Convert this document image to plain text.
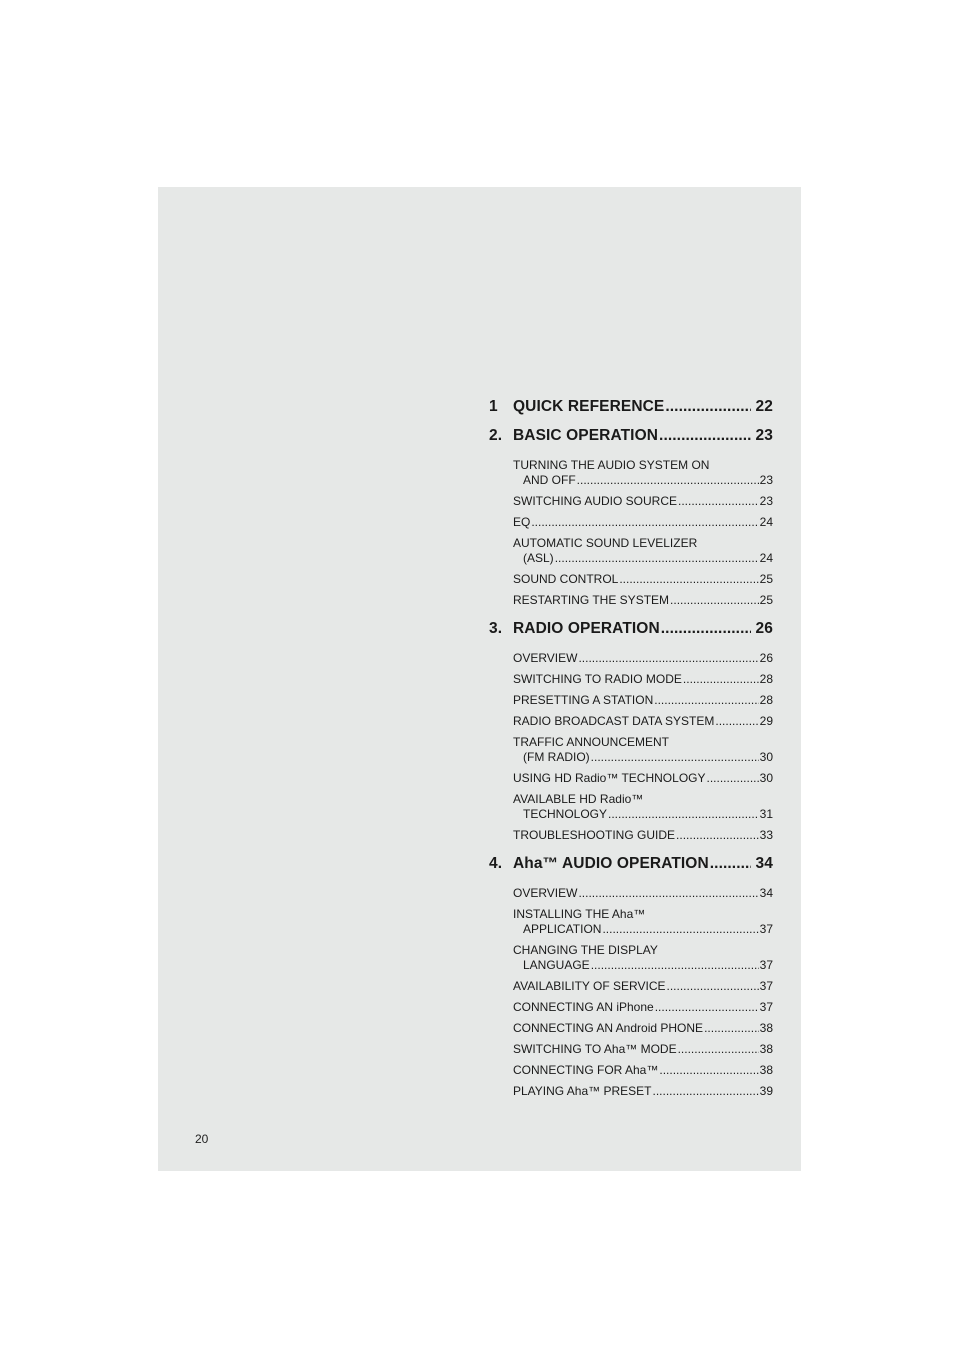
1 QUICK REFERENCE .....	22
2. BASIC OPERATION .....	23
TURNING THE AUDIO SYSTEM ON
AND OFF .....	23
SWITCHING AUDIO SOURCE .....	23
EQ .....	24
AUTOMATIC SOUND LEVELIZER
(ASL) .....	24
SOUND CONTROL .....	25
RESTARTING THE SYSTEM .....	25
3. RADIO OPERATION .....	26
OVERVIEW .....	26
SWITCHING TO RADIO MODE .....	28
PRESETTING A STATION .....	28
RADIO BROADCAST DATA SYSTEM .....	29
TRAFFIC ANNOUNCEMENT
(FM RADIO) .....	30
USING HD Radio™ TECHNOLOGY .....	30
AVAILABLE HD Radio™
TECHNOLOGY .....	31
TROUBLESHOOTING GUIDE .....	33
4. Aha™ AUDIO OPERATION .....	34
OVERVIEW .....	34
INSTALLING THE Aha™
APPLICATION .....	37
CHANGING THE DISPLAY
LANGUAGE .....	37
AVAILABILITY OF SERVICE .....	37
CONNECTING AN iPhone .....	37
CONNECTING AN Android PHONE .....	38
SWITCHING TO Aha™ MODE .....	38
CONNECTING FOR Aha™ .....	38
PLAYING Aha™ PRESET .....	39
20
